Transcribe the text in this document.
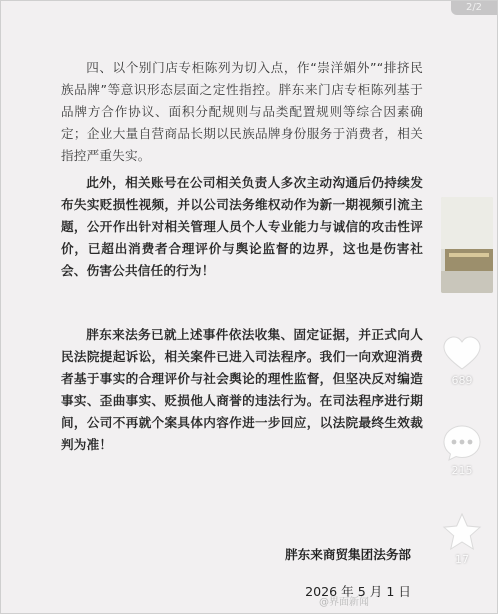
2/2

四、以个别门店专柜陈列为切入点，作“崇洋媚外”“排挤民族品牌”等意识形态层面之定性指控。胖东来门店专柜陈列基于品牌方合作协议、面积分配规则与品类配置规则等综合因素确定；企业大量自营商品长期以民族品牌身份服务于消费者，相关指控严重失实。

此外，相关账号在公司相关负责人多次主动沟通后仍持续发布失实贬损性视频，并以公司法务维权动作为新一期视频引流主题，公开作出针对相关管理人员个人专业能力与诚信的攻击性评价，已超出消费者合理评价与舆论监督的边界，这也是伤害社会、伤害公共信任的行为！

胖东来法务已就上述事件依法收集、固定证据，并正式向人民法院提起诉讼，相关案件已进入司法程序。我们一向欢迎消费者基于事实的合理评价与社会舆论的理性监督，但坚决反对编造事实、歪曲事实、贬损他人商誉的违法行为。在司法程序进行期间，公司不再就个案具体内容作进一步回应，以法院最终生效裁判为准！

胖东来商贸集团法务部
2026 年 5 月 1 日
689
215
17
@界面新闻
